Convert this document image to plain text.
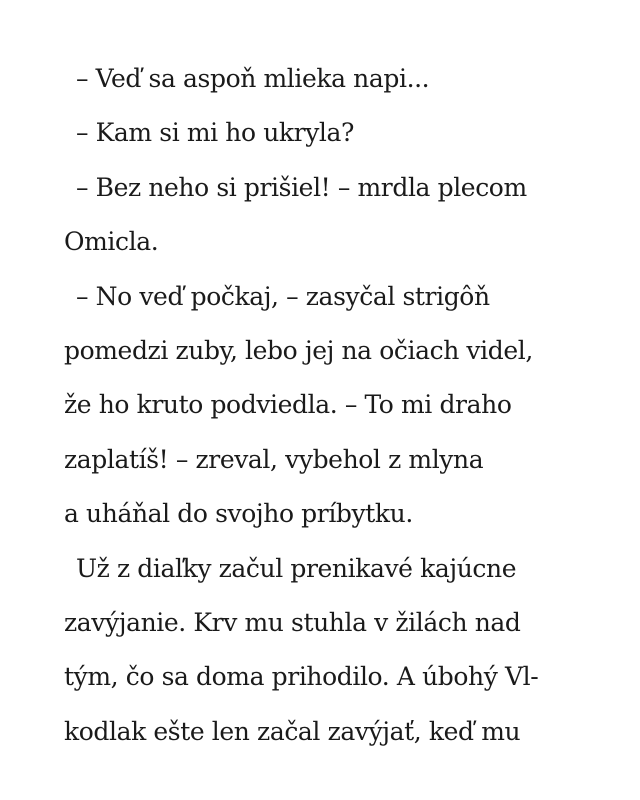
– Veď sa aspoň mlieka napi...
– Kam si mi ho ukryla?
– Bez neho si prišiel! – mrdla plecom
Omicla.
– No veď počkaj, – zasyčal strigôň
pomedzi zuby, lebo jej na očiach videl,
že ho kruto podviedla. – To mi draho
zaplatíš! – zreval, vybehol z mlyna
a uháňal do svojho príbytku.
Už z diaľky začul prenikavé kajúcne
zavýjanie. Krv mu stuhla v žilách nad
tým, čo sa doma prihodilo. A úbohý Vl-
kodlak ešte len začal zavýjať, keď mu
